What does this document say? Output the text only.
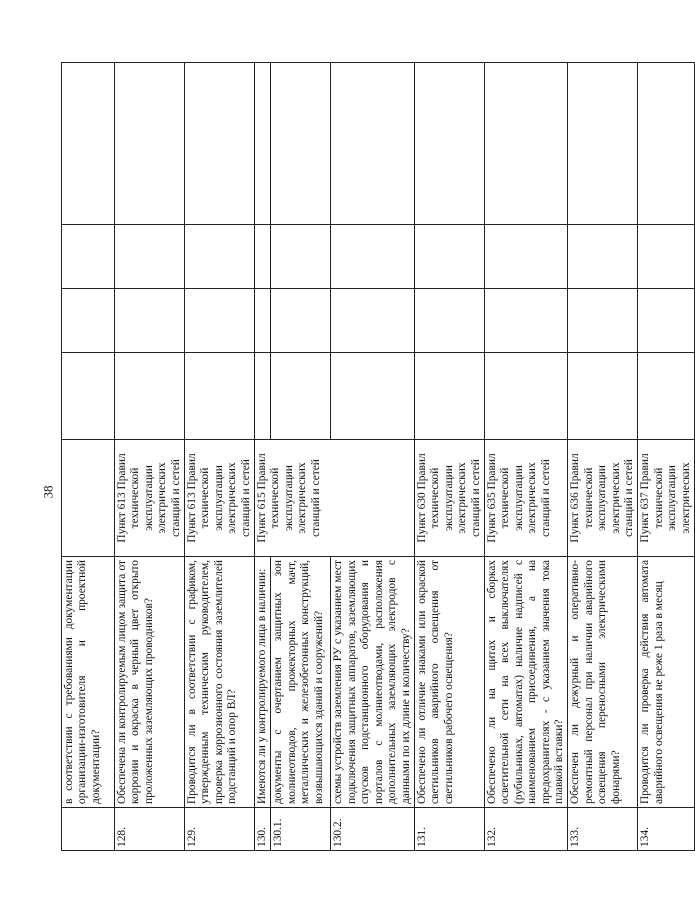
38
	в соответствии с требованиями документации организации-изготовителя и проектной документации?					
128.	Обеспечена ли контролируемым лицом защита от коррозии и окраска в черный цвет открыто проложенных заземляющих проводников?	Пункт 613 Правил технической эксплуатации электрических станций и сетей				
129.	Проводится ли в соответствии с графиком, утвержденным техническим руководителем, проверка коррозионного состояния заземлителей подстанций и опор ВЛ?	Пункт 613 Правил технической эксплуатации электрических станций и сетей				
130.	Имеются ли у контролируемого лица в наличии:	Пункт 615 Правил технической эксплуатации электрических станций и сетей				
130.1.	документы с очертанием защитных зон молниеотводов, прожекторных мачт, металлических и железобетонных конструкций, возвышающихся зданий и сооружений?					
130.2.	схемы устройств заземления РУ с указанием мест подключения защитных аппаратов, заземляющих спусков подстанционного оборудования и порталов с молниеотводами, расположения дополнительных заземляющих электродов с данными по их длине и количеству?					
131.	Обеспечено ли отличие знаками или окраской светильников аварийного освещения от светильников рабочего освещения?	Пункт 630 Правил технической эксплуатации электрических станций и сетей				
132.	Обеспечено ли на щитах и сборках осветительной сети на всех выключателях (рубильниках, автоматах) наличие надписей с наименованием присоединения, а на предохранителях - с указанием значения тока плавкой вставки?	Пункт 635 Правил технической эксплуатации электрических станций и сетей				
133.	Обеспечен ли дежурный и оперативно-ремонтный персонал при наличии аварийного освещения переносными электрическими фонарями?	Пункт 636 Правил технической эксплуатации электрических станций и сетей				
134.	Проводится ли проверка действия автомата аварийного освещения не реже 1 раза в месяц	Пункт 637 Правил технической эксплуатации электрических				
